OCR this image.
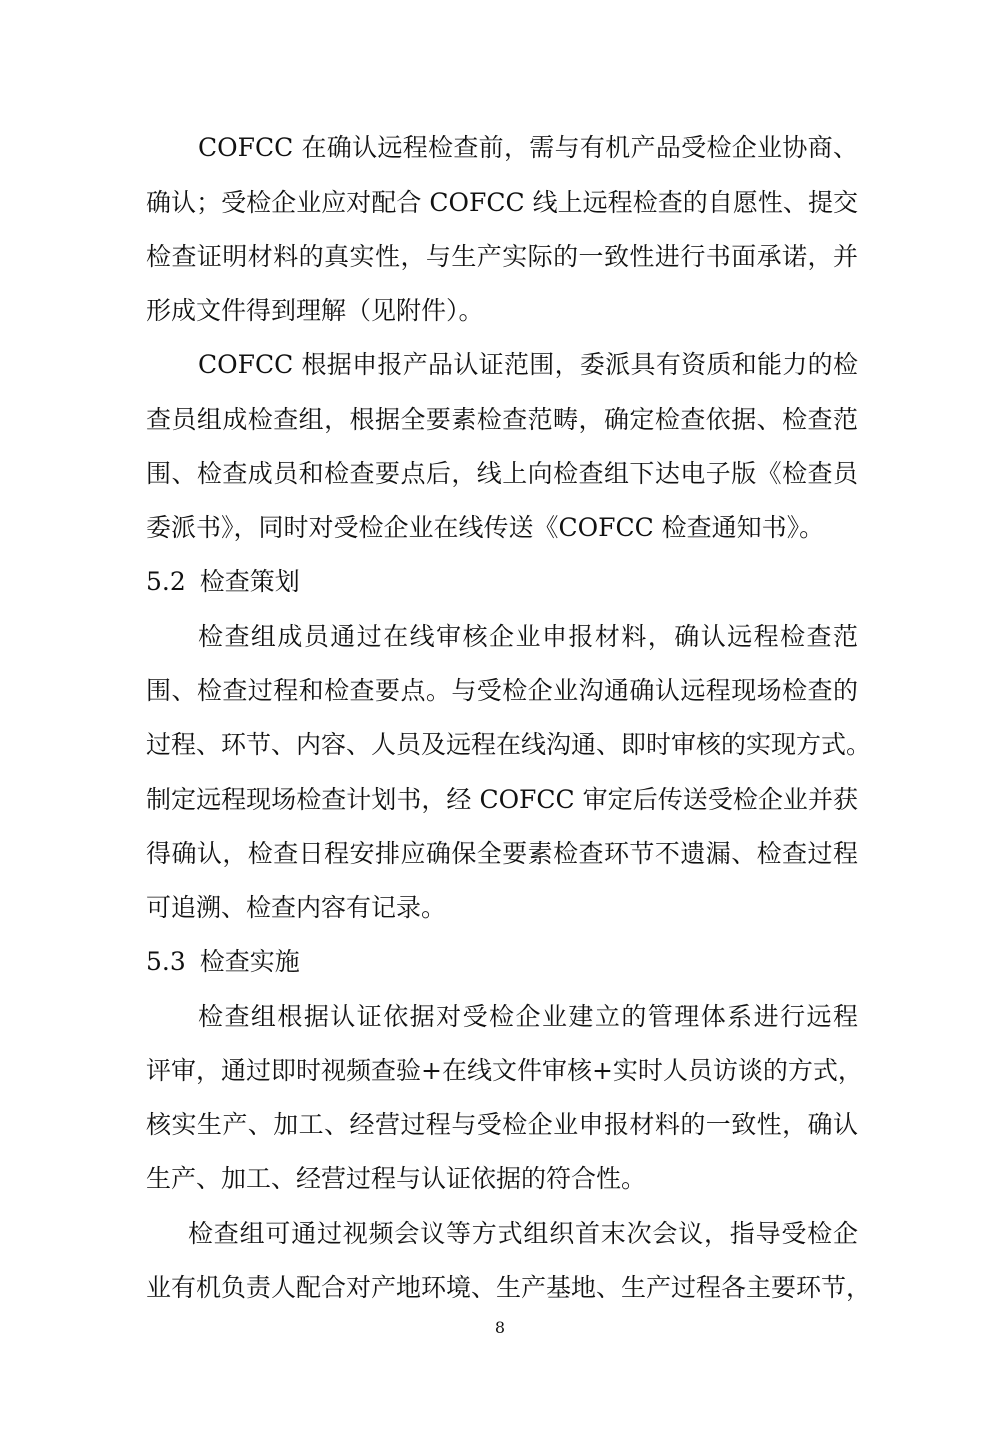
COFCC 在确认远程检查前，需与有机产品受检企业协商、
确认；受检企业应对配合 COFCC 线上远程检查的自愿性、提交
检查证明材料的真实性，与生产实际的一致性进行书面承诺，并
形成文件得到理解（见附件）。
COFCC 根据申报产品认证范围，委派具有资质和能力的检
查员组成检查组，根据全要素检查范畴，确定检查依据、检查范
围、检查成员和检查要点后，线上向检查组下达电子版《检查员
委派书》，同时对受检企业在线传送《COFCC 检查通知书》。
5.2 检查策划
检查组成员通过在线审核企业申报材料，确认远程检查范
围、检查过程和检查要点。与受检企业沟通确认远程现场检查的
过程、环节、内容、人员及远程在线沟通、即时审核的实现方式。
制定远程现场检查计划书，经 COFCC 审定后传送受检企业并获
得确认，检查日程安排应确保全要素检查环节不遗漏、检查过程
可追溯、检查内容有记录。
5.3 检查实施
检查组根据认证依据对受检企业建立的管理体系进行远程
评审，通过即时视频查验+在线文件审核+实时人员访谈的方式，
核实生产、加工、经营过程与受检企业申报材料的一致性，确认
生产、加工、经营过程与认证依据的符合性。
检查组可通过视频会议等方式组织首末次会议，指导受检企
业有机负责人配合对产地环境、生产基地、生产过程各主要环节，
8
